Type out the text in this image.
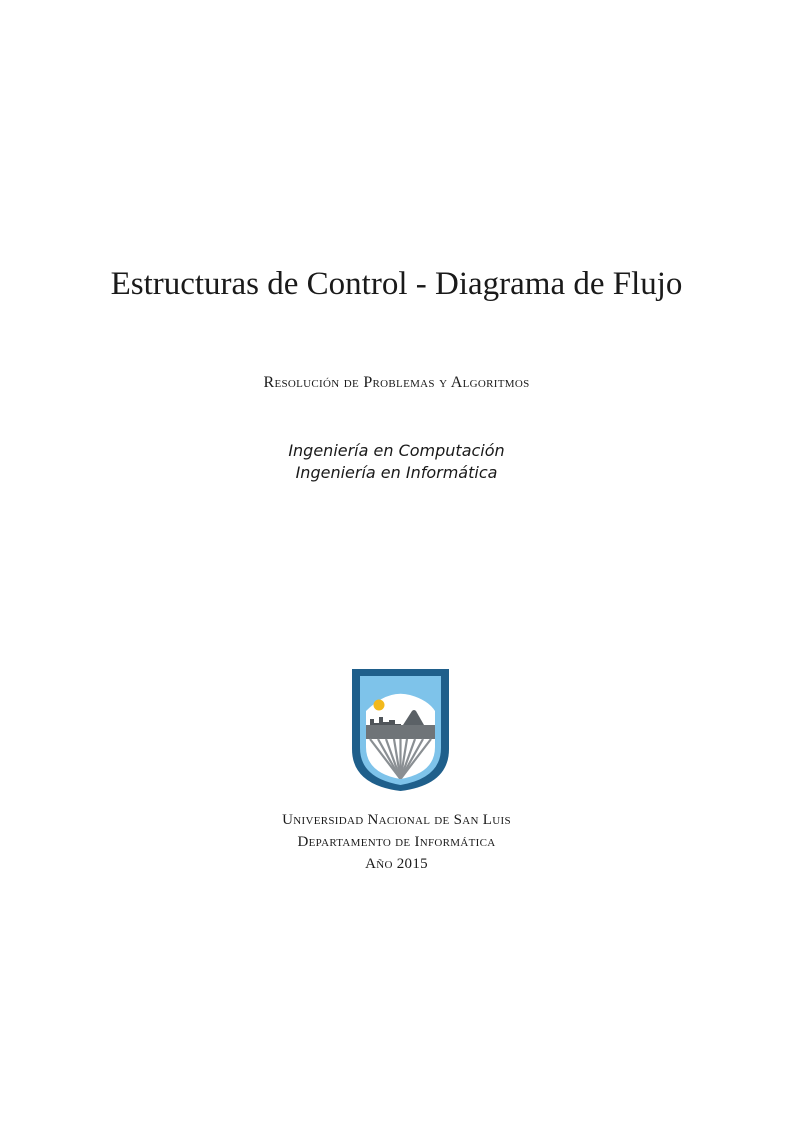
Estructuras de Control - Diagrama de Flujo
Resolución de Problemas y Algoritmos
Ingeniería en Computación
Ingeniería en Informática
Universidad Nacional de San Luis
Departamento de Informática
Año 2015
